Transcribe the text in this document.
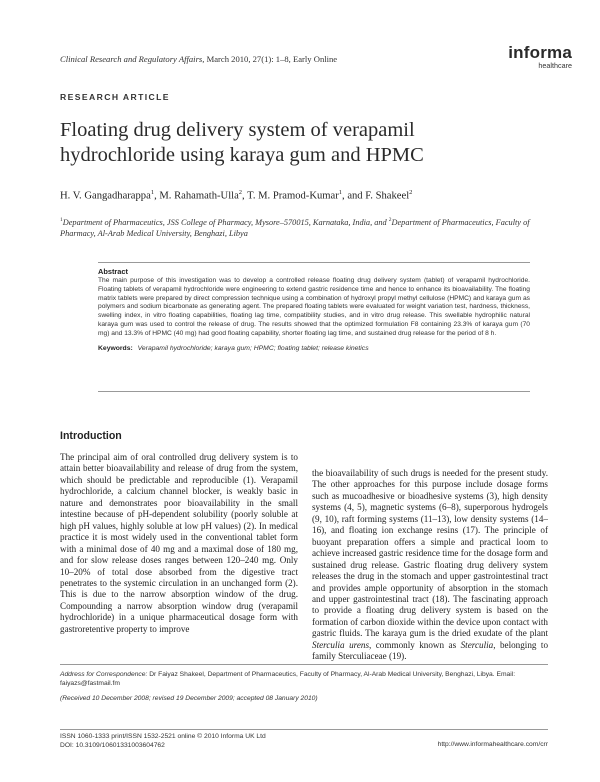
Clinical Research and Regulatory Affairs, March 2010, 27(1): 1–8, Early Online	informa
healthcare
RESEARCH ARTICLE
Floating drug delivery system of verapamil hydrochloride using karaya gum and HPMC
H. V. Gangadharappa$^1$, M. Rahamath-Ulla$^2$, T. M. Pramod-Kumar$^1$, and F. Shakeel$^2$
$^1$Department of Pharmaceutics, JSS College of Pharmacy, Mysore–570015, Karnataka, India, and $^2$Department of Pharmaceutics, Faculty of Pharmacy, Al-Arab Medical University, Benghazi, Libya
Abstract
The main purpose of this investigation was to develop a controlled release floating drug delivery system (tablet) of verapamil hydrochloride. Floating tablets of verapamil hydrochloride were engineering to extend gastric residence time and hence to enhance its bioavailability. The floating matrix tablets were prepared by direct compression technique using a combination of hydroxyl propyl methyl cellulose (HPMC) and karaya gum as polymers and sodium bicarbonate as generating agent. The prepared floating tablets were evaluated for weight variation test, hardness, thickness, swelling index, in vitro floating capabilities, floating lag time, compatibility studies, and in vitro drug release. This swellable hydrophilic natural karaya gum was used to control the release of drug. The results showed that the optimized formulation F8 containing 23.3% of karaya gum (70 mg) and 13.3% of HPMC (40 mg) had good floating capability, shorter floating lag time, and sustained drug release for the period of 8 h.
Keywords: Verapamil hydrochloride; karaya gum; HPMC; floating tablet; release kinetics
Introduction
The principal aim of oral controlled drug delivery system is to attain better bioavailability and release of drug from the system, which should be predictable and reproducible (1). Verapamil hydrochloride, a calcium channel blocker, is weakly basic in nature and demonstrates poor bioavailability in the small intestine because of pH-dependent solubility (poorly soluble at high pH values, highly soluble at low pH values) (2). In medical practice it is most widely used in the conventional tablet form with a minimal dose of 40 mg and a maximal dose of 180 mg, and for slow release doses ranges between 120–240 mg. Only 10–20% of total dose absorbed from the digestive tract penetrates to the systemic circulation in an unchanged form (2). This is due to the narrow absorption window of the drug. Compounding a narrow absorption window drug (verapamil hydrochloride) in a unique pharmaceutical dosage form with gastroretentive property to improve
the bioavailability of such drugs is needed for the present study. The other approaches for this purpose include dosage forms such as mucoadhesive or bioadhesive systems (3), high density systems (4, 5), magnetic systems (6–8), superporous hydrogels (9, 10), raft forming systems (11–13), low density systems (14–16), and floating ion exchange resins (17). The principle of buoyant preparation offers a simple and practical loom to achieve increased gastric residence time for the dosage form and sustained drug release. Gastric floating drug delivery system releases the drug in the stomach and upper gastrointestinal tract and provides ample opportunity of absorption in the stomach and upper gastrointestinal tract (18). The fascinating approach to provide a floating drug delivery system is based on the formation of carbon dioxide within the device upon contact with gastric fluids. The karaya gum is the dried exudate of the plant Sterculia urens, commonly known as Sterculia, belonging to family Sterculiaceae (19).
Address for Correspondence: Dr Faiyaz Shakeel, Department of Pharmaceutics, Faculty of Pharmacy, Al-Arab Medical University, Benghazi, Libya. Email: faiyazs@fastmail.fm
(Received 10 December 2008; revised 19 December 2009; accepted 08 January 2010)
ISSN 1060-1333 print/ISSN 1532-2521 online © 2010 Informa UK Ltd
DOI: 10.3109/10601331003604762	http://www.informahealthcare.com/crr
